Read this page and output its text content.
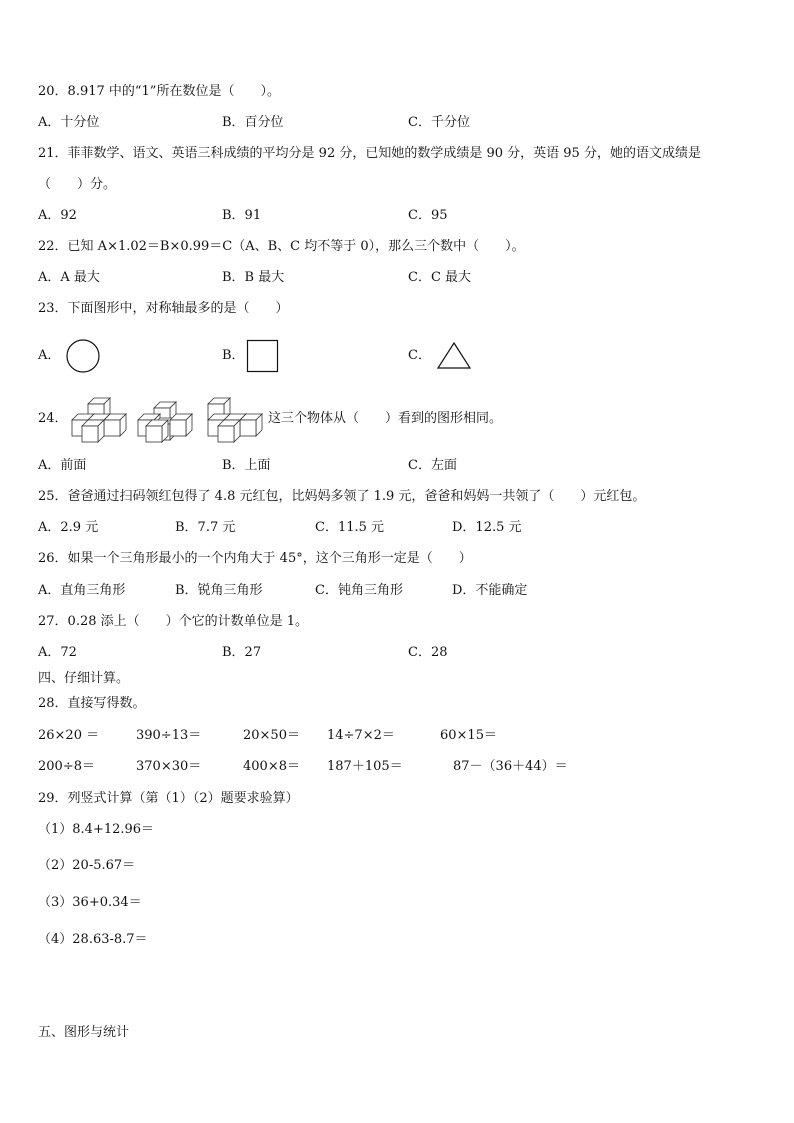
20．8.917 中的“1”所在数位是（　　）。
A．十分位	B．百分位	C．千分位
21．菲菲数学、语文、英语三科成绩的平均分是 92 分，已知她的数学成绩是 90 分，英语 95 分，她的语文成绩是
（　　）分。
A．92	B．91	C．95
22．已知 A×1.02＝B×0.99＝C（A、B、C 均不等于 0），那么三个数中（　　）。
A．A 最大	B．B 最大	C．C 最大
23．下面图形中，对称轴最多的是（　　）
A．	B．	C．
24．	这三个物体从（　　）看到的图形相同。
A．前面	B．上面	C．左面
25．爸爸通过扫码领红包得了 4.8 元红包，比妈妈多领了 1.9 元，爸爸和妈妈一共领了（　　）元红包。
A．2.9 元	B．7.7 元	C．11.5 元	D．12.5 元
26．如果一个三角形最小的一个内角大于 45°，这个三角形一定是（　　）
A．直角三角形	B．锐角三角形	C．钝角三角形	D．不能确定
27．0.28 添上（　　）个它的计数单位是 1。
A．72	B．27	C．28
四、仔细计算。
28．直接写得数。
26×20 ＝	390÷13＝	20×50＝ 14÷7×2＝	60×15＝
200÷8＝	370×30＝	400×8＝ 187＋105＝	87－（36＋44）＝
29．列竖式计算（第（1）（2）题要求验算）
（1）8.4+12.96＝
（2）20-5.67＝
（3）36+0.34＝
（4）28.63-8.7＝
五、图形与统计
